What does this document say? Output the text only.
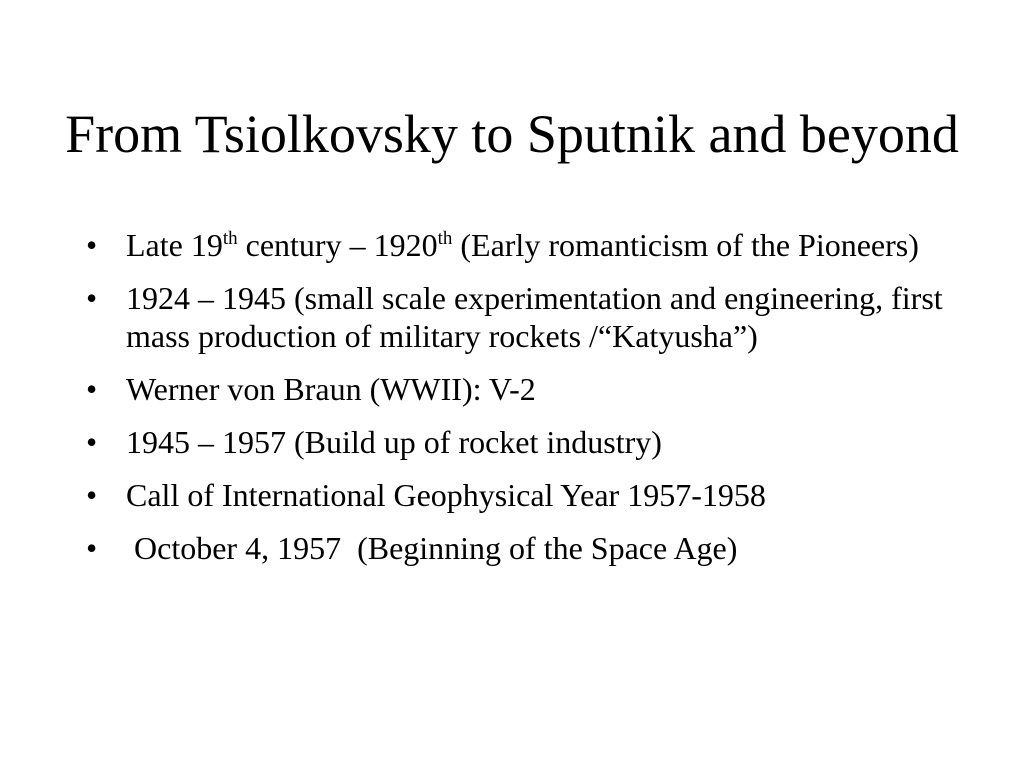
From Tsiolkovsky to Sputnik and beyond
• Late 19th century – 1920th (Early romanticism of the Pioneers)
• 1924 – 1945 (small scale experimentation and engineering, first mass production of military rockets /“Katyusha”)
• Werner von Braun (WWII): V-2
• 1945 – 1957 (Build up of rocket industry)
• Call of International Geophysical Year 1957-1958
• October 4, 1957  (Beginning of the Space Age)
